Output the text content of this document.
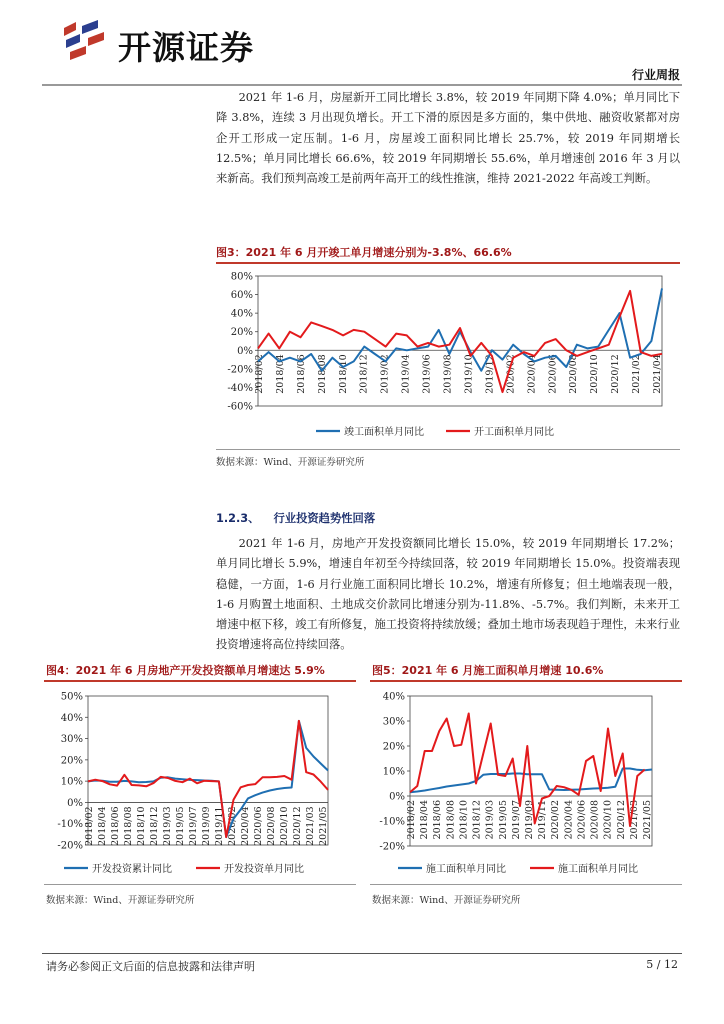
开源证券
行业周报

2021 年 1-6 月，房屋新开工同比增长 3.8%，较 2019 年同期下降 4.0%；单月同比下降 3.8%，连续 3 月出现负增长。开工下滑的原因是多方面的，集中供地、融资收紧都对房企开工形成一定压制。1-6 月，房屋竣工面积同比增长 25.7%，较 2019 年同期增长 12.5%；单月同比增长 66.6%，较 2019 年同期增长 55.6%，单月增速创 2016 年 3 月以来新高。我们预判高竣工是前两年高开工的线性推演，维持 2021-2022 年高竣工判断。

图3：2021 年 6 月开竣工单月增速分别为-3.8%、66.6%
-60%
-40%
-20%
0%
20%
40%
60%
80%
2018/02 2018/04 2018/06 2018/08 2018/10 2018/12 2019/02 2019/04 2019/06 2019/08 2019/10 2019/12 2020/02 2020/04 2020/06 2020/08 2020/10 2020/12 2021/02 2021/04
竣工面积单月同比	开工面积单月同比
数据来源：Wind、开源证券研究所
1.2.3、 行业投资趋势性回落

2021 年 1-6 月，房地产开发投资额同比增长 15.0%，较 2019 年同期增长 17.2%；单月同比增长 5.9%，增速自年初至今持续回落，较 2019 年同期增长 15.0%。投资端表现稳健，一方面，1-6 月行业施工面积同比增长 10.2%，增速有所修复；但土地端表现一般，1-6 月购置土地面积、土地成交价款同比增速分别为-11.8%、-5.7%。我们判断，未来开工增速中枢下移，竣工有所修复，施工投资将持续放缓；叠加土地市场表现趋于理性，未来行业投资增速将高位持续回落。

图4：2021 年 6 月房地产开发投资额单月增速达 5.9%
-20%
-10%
0%
10%
20%
30%
40%
50%
2018/02 2018/04 2018/06 2018/08 2018/10 2018/12 2019/03 2019/05 2019/07 2019/09 2019/11 2020/02 2020/04 2020/06 2020/08 2020/10 2020/12 2021/03 2021/05
开发投资累计同比	开发投资单月同比
数据来源：Wind、开源证券研究所
图5：2021 年 6 月施工面积单月增速 10.6%
-20%
-10%
0%
10%
20%
30%
40%
2018/02 2018/04 2018/06 2018/08 2018/10 2018/12 2019/03 2019/05 2019/07 2019/09 2019/11 2020/02 2020/04 2020/06 2020/08 2020/10 2020/12 2021/03 2021/05
施工面积单月同比	施工面积单月同比
数据来源：Wind、开源证券研究所
请务必参阅正文后面的信息披露和法律声明	5 / 12
